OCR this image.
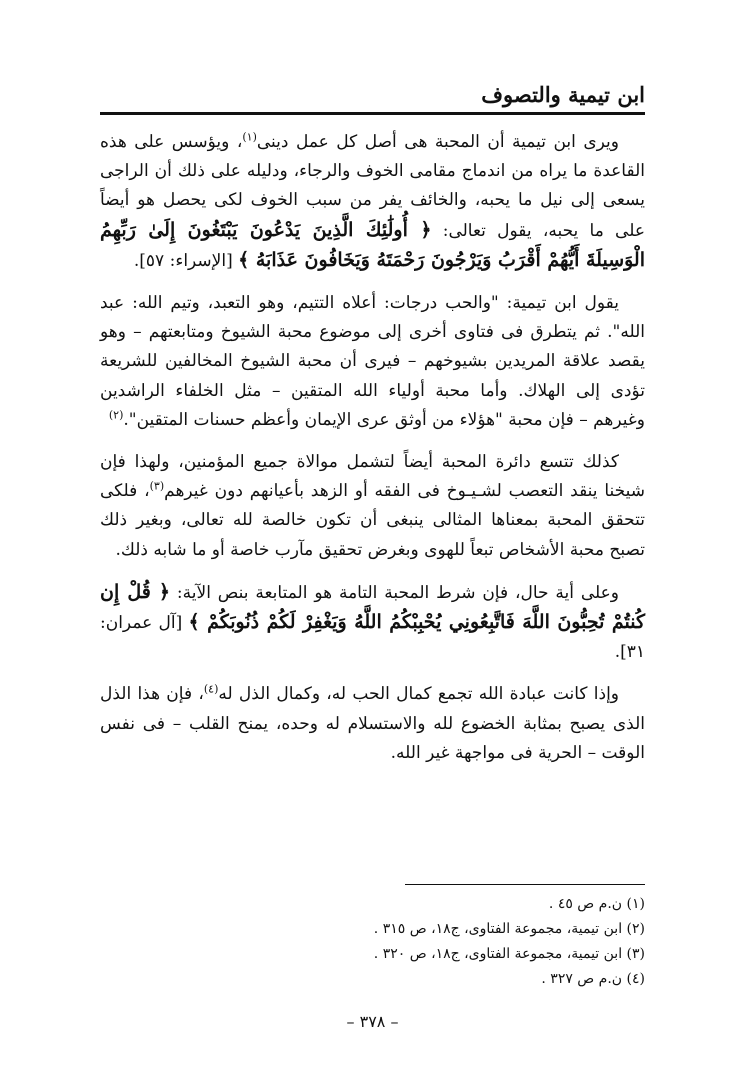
ابن تيمية والتصوف

ويرى ابن تيمية أن المحبة هى أصل كل عمل دينى$^{(١)}$، ويؤسس على هذه القاعدة ما يراه من اندماج مقامى الخوف والرجاء، ودليله على ذلك أن الراجى يسعى إلى نيل ما يحبه، والخائف يفر من سبب الخوف لكى يحصل هو أيضاً على ما يحبه، يقول تعالى: ﴿ أُولَٰئِكَ الَّذِينَ يَدْعُونَ يَبْتَغُونَ إِلَىٰ رَبِّهِمُ الْوَسِيلَةَ أَيُّهُمْ أَقْرَبُ وَيَرْجُونَ رَحْمَتَهُ وَيَخَافُونَ عَذَابَهُ ﴾ [الإسراء: ٥٧].

يقول ابن تيمية: "والحب درجات: أعلاه التتيم، وهو التعبد، وتيم الله: عبد الله". ثم يتطرق فى فتاوى أخرى إلى موضوع محبة الشيوخ ومتابعتهم – وهو يقصد علاقة المريدين بشيوخهم – فيرى أن محبة الشيوخ المخالفين للشريعة تؤدى إلى الهلاك. وأما محبة أولياء الله المتقين – مثل الخلفاء الراشدين وغيرهم – فإن محبة "هؤلاء من أوثق عرى الإيمان وأعظم حسنات المتقين".$^{(٢)}$

كذلك تتسع دائرة المحبة أيضاً لتشمل موالاة جميع المؤمنين، ولهذا فإن شيخنا ينقد التعصب لشـيـوخ فى الفقه أو الزهد بأعيانهم دون غيرهم$^{(٣)}$، فلكى تتحقق المحبة بمعناها المثالى ينبغى أن تكون خالصة لله تعالى، وبغير ذلك تصبح محبة الأشخاص تبعاً للهوى وبغرض تحقيق مآرب خاصة أو ما شابه ذلك.

وعلى أية حال، فإن شرط المحبة التامة هو المتابعة بنص الآية: ﴿ قُلْ إِن كُنتُمْ تُحِبُّونَ اللَّهَ فَاتَّبِعُونِي يُحْبِبْكُمُ اللَّهُ وَيَغْفِرْ لَكُمْ ذُنُوبَكُمْ ﴾ [آل عمران: ٣١].

وإذا كانت عبادة الله تجمع كمال الحب له، وكمال الذل له$^{(٤)}$، فإن هذا الذل الذى يصبح بمثابة الخضوع لله والاستسلام له وحده، يمنح القلب – فى نفس الوقت – الحرية فى مواجهة غير الله.

(١) ن.م ص ٤٥ .

(٢) ابن تيمية، مجموعة الفتاوى، ج١٨، ص ٣١٥ .

(٣) ابن تيمية، مجموعة الفتاوى، ج١٨، ص ٣٢٠ .

(٤) ن.م ص ٣٢٧ .

– ٣٧٨ –
